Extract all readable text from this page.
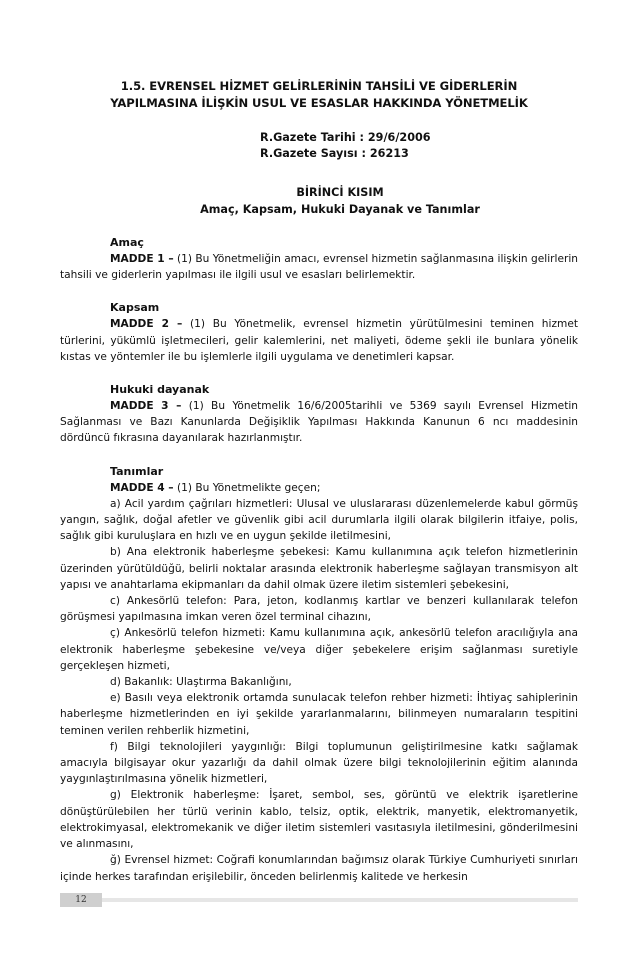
1.5. EVRENSEL HİZMET GELİRLERİNİN TAHSİLİ VE GİDERLERİN
YAPILMASINA İLİŞKİN USUL VE ESASLAR HAKKINDA YÖNETMELİK
R.Gazete Tarihi : 29/6/2006
R.Gazete Sayısı : 26213
BİRİNCİ KISIM
Amaç, Kapsam, Hukuki Dayanak ve Tanımlar
Amaç

MADDE 1 – (1) Bu Yönetmeliğin amacı, evrensel hizmetin sağlanmasına ilişkin gelirlerin tahsili ve giderlerin yapılması ile ilgili usul ve esasları belirlemektir.

Kapsam

MADDE 2 – (1) Bu Yönetmelik, evrensel hizmetin yürütülmesini teminen hizmet türlerini, yükümlü işletmecileri, gelir kalemlerini, net maliyeti, ödeme şekli ile bunlara yönelik kıstas ve yöntemler ile bu işlemlerle ilgili uygulama ve denetimleri kapsar.

Hukuki dayanak

MADDE 3 – (1) Bu Yönetmelik 16/6/2005tarihli ve 5369 sayılı Evrensel Hizmetin Sağlanması ve Bazı Kanunlarda Değişiklik Yapılması Hakkında Kanunun 6 ncı maddesinin dördüncü fıkrasına dayanılarak hazırlanmıştır.

Tanımlar

MADDE 4 – (1) Bu Yönetmelikte geçen;

a) Acil yardım çağrıları hizmetleri: Ulusal ve uluslararası düzenlemelerde kabul görmüş yangın, sağlık, doğal afetler ve güvenlik gibi acil durumlarla ilgili olarak bilgilerin itfaiye, polis, sağlık gibi kuruluşlara en hızlı ve en uygun şekilde iletilmesini,

b) Ana elektronik haberleşme şebekesi: Kamu kullanımına açık telefon hizmetlerinin üzerinden yürütüldüğü, belirli noktalar arasında elektronik haberleşme sağlayan transmisyon alt yapısı ve anahtarlama ekipmanları da dahil olmak üzere iletim sistemleri şebekesini,

c) Ankesörlü telefon: Para, jeton, kodlanmış kartlar ve benzeri kullanılarak telefon görüşmesi yapılmasına imkan veren özel terminal cihazını,

ç) Ankesörlü telefon hizmeti: Kamu kullanımına açık, ankesörlü telefon aracılığıyla ana elektronik haberleşme şebekesine ve/veya diğer şebekelere erişim sağlanması suretiyle gerçekleşen hizmeti,

d) Bakanlık: Ulaştırma Bakanlığını,

e) Basılı veya elektronik ortamda sunulacak telefon rehber hizmeti: İhtiyaç sahiplerinin haberleşme hizmetlerinden en iyi şekilde yararlanmalarını, bilinmeyen numaraların tespitini teminen verilen rehberlik hizmetini,

f) Bilgi teknolojileri yaygınlığı: Bilgi toplumunun geliştirilmesine katkı sağlamak amacıyla bilgisayar okur yazarlığı da dahil olmak üzere bilgi teknolojilerinin eğitim alanında yaygınlaştırılmasına yönelik hizmetleri,

g) Elektronik haberleşme: İşaret, sembol, ses, görüntü ve elektrik işaretlerine dönüştürülebilen her türlü verinin kablo, telsiz, optik, elektrik, manyetik, elektromanyetik, elektrokimyasal, elektromekanik ve diğer iletim sistemleri vasıtasıyla iletilmesini, gönderilmesini ve alınmasını,

ğ) Evrensel hizmet: Coğrafi konumlarından bağımsız olarak Türkiye Cumhuriyeti sınırları içinde herkes tarafından erişilebilir, önceden belirlenmiş kalitede ve herkesin

12
